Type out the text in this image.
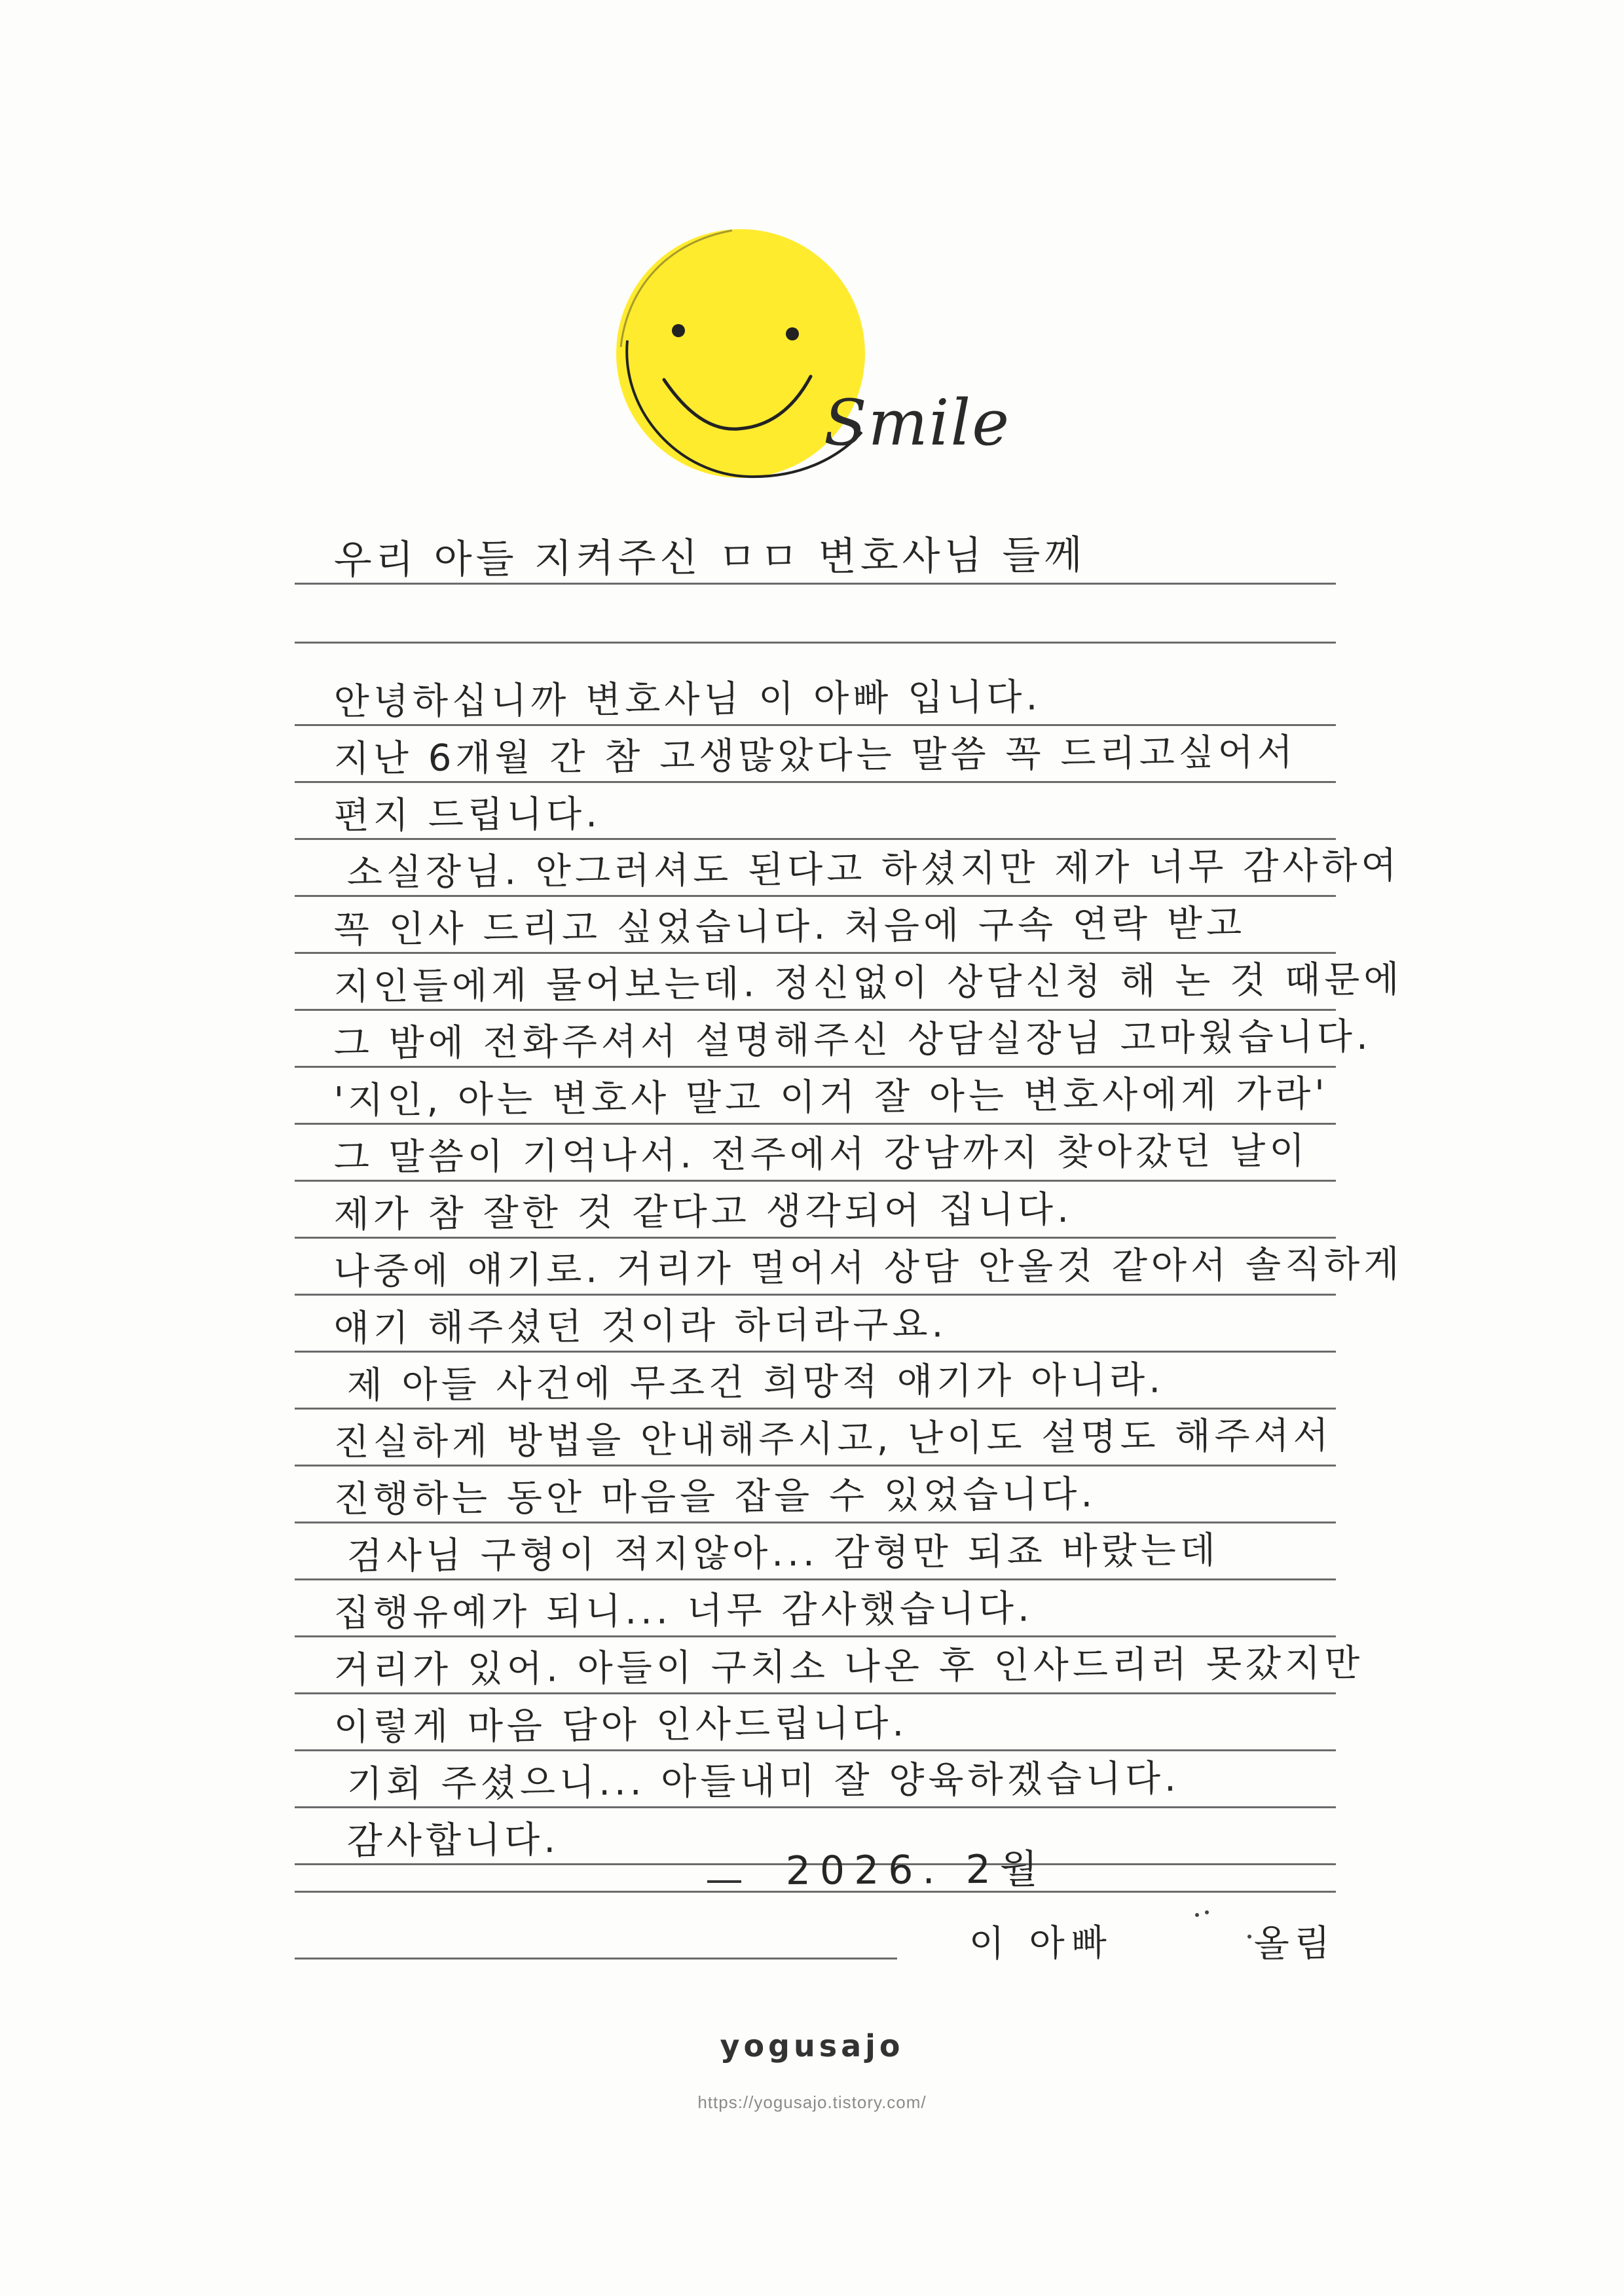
Smile
우리 아들 지켜주신 ㅁㅁ 변호사님 들께
안녕하십니까 변호사님 이 아빠 입니다.
지난 6개월 간 참 고생많았다는 말씀 꼭 드리고싶어서
편지 드립니다.
소실장님. 안그러셔도 된다고 하셨지만 제가 너무 감사하여
꼭 인사 드리고 싶었습니다. 처음에 구속 연락 받고
지인들에게 물어보는데. 정신없이 상담신청 해 논 것 때문에
그 밤에 전화주셔서 설명해주신 상담실장님 고마웠습니다.
'지인, 아는 변호사 말고 이거 잘 아는 변호사에게 가라'
그 말씀이 기억나서. 전주에서 강남까지 찾아갔던 날이
제가 참 잘한 것 같다고 생각되어 집니다.
나중에 얘기로. 거리가 멀어서 상담 안올것 같아서 솔직하게
얘기 해주셨던 것이라 하더라구요.
제 아들 사건에 무조건 희망적 얘기가 아니라.
진실하게 방법을 안내해주시고, 난이도 설명도 해주셔서
진행하는 동안 마음을 잡을 수 있었습니다.
검사님 구형이 적지않아... 감형만 되죠 바랐는데
집행유예가 되니... 너무 감사했습니다.
거리가 있어. 아들이 구치소 나온 후 인사드리러 못갔지만
이렇게 마음 담아 인사드립니다.
기회 주셨으니... 아들내미 잘 양육하겠습니다.
감사합니다.
2026. 2월
이 아빠	올림
yogusajo
https://yogusajo.tistory.com/
